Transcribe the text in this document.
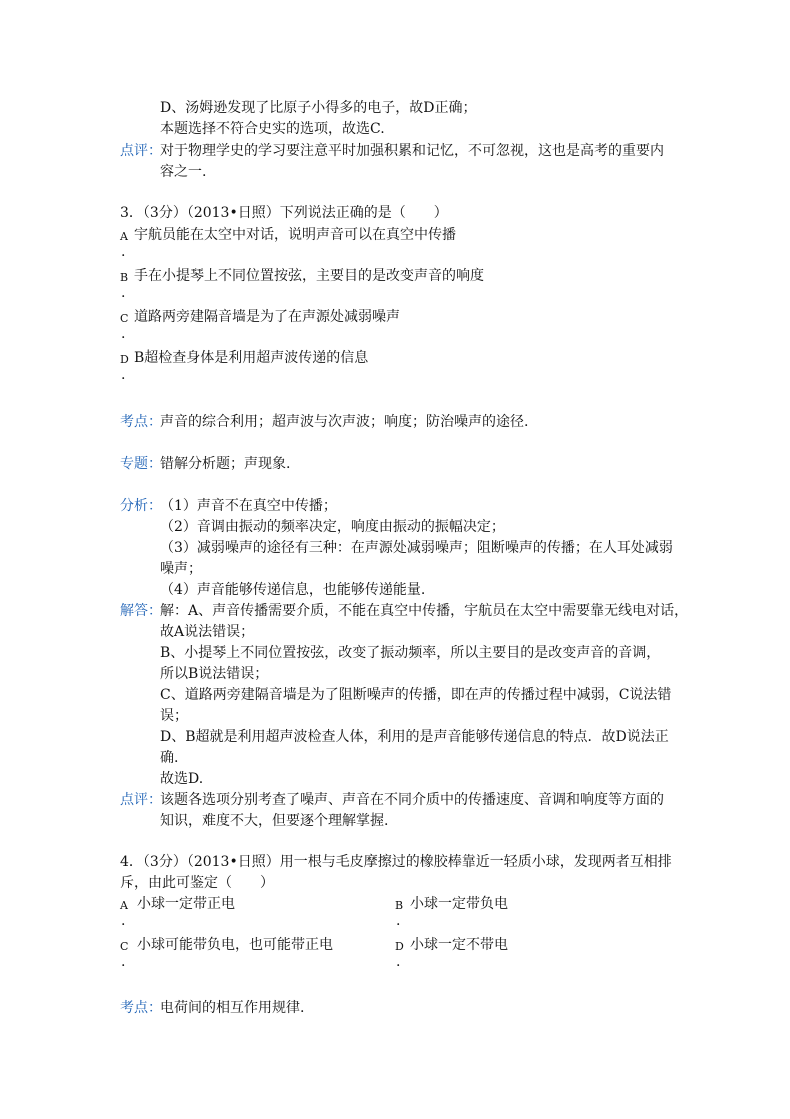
D、汤姆逊发现了比原子小得多的电子，故D正确；
本题选择不符合史实的选项，故选C.
点评：
对于物理学史的学习要注意平时加强积累和记忆，不可忽视，这也是高考的重要内
容之一.
3．（3分）（2013•日照）下列说法正确的是（　　）
A 宇航员能在太空中对话，说明声音可以在真空中传播
.
B 手在小提琴上不同位置按弦，主要目的是改变声音的响度
.
C 道路两旁建隔音墙是为了在声源处减弱噪声
.
D B超检查身体是利用超声波传递的信息
.
考点：
声音的综合利用；超声波与次声波；响度；防治噪声的途径.
专题：
错解分析题；声现象.
分析：
（1）声音不在真空中传播；
（2）音调由振动的频率决定，响度由振动的振幅决定；
（3）减弱噪声的途径有三种：在声源处减弱噪声；阻断噪声的传播；在人耳处减弱
噪声；
（4）声音能够传递信息，也能够传递能量.
解答：
解：A、声音传播需要介质，不能在真空中传播，宇航员在太空中需要靠无线电对话，
故A说法错误；
B、小提琴上不同位置按弦，改变了振动频率，所以主要目的是改变声音的音调，
所以B说法错误；
C、道路两旁建隔音墙是为了阻断噪声的传播，即在声的传播过程中减弱，C说法错
误；
D、B超就是利用超声波检查人体，利用的是声音能够传递信息的特点．故D说法正
确.
故选D.
点评：
该题各选项分别考查了噪声、声音在不同介质中的传播速度、音调和响度等方面的
知识，难度不大，但要逐个理解掌握.
4．（3分）（2013•日照）用一根与毛皮摩擦过的橡胶棒靠近一轻质小球，发现两者互相排
斥，由此可鉴定（　　）
A 小球一定带正电
.
B 小球一定带负电
.
C 小球可能带负电，也可能带正电
.
D 小球一定不带电
.
考点：
电荷间的相互作用规律.
